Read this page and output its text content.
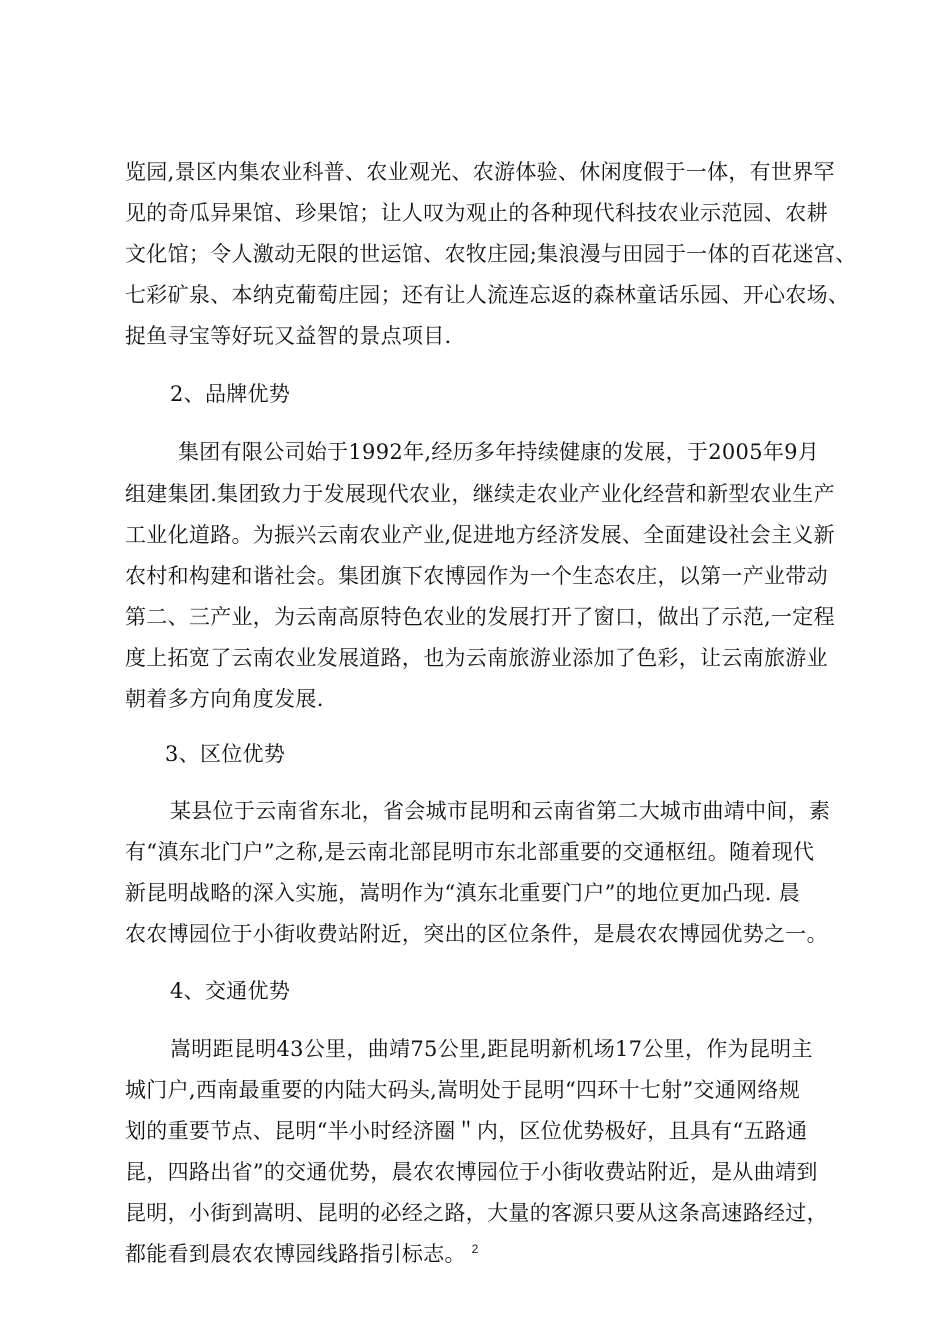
览园,景区内集农业科普、农业观光、农游体验、休闲度假于一体，有世界罕
见的奇瓜异果馆、珍果馆；让人叹为观止的各种现代科技农业示范园、农耕
文化馆；令人激动无限的世运馆、农牧庄园;集浪漫与田园于一体的百花迷宫、
七彩矿泉、本纳克葡萄庄园；还有让人流连忘返的森林童话乐园、开心农场、
捉鱼寻宝等好玩又益智的景点项目.
2、品牌优势
集团有限公司始于1992年,经历多年持续健康的发展，于2005年9月
组建集团.集团致力于发展现代农业，继续走农业产业化经营和新型农业生产
工业化道路。为振兴云南农业产业,促进地方经济发展、全面建设社会主义新
农村和构建和谐社会。集团旗下农博园作为一个生态农庄，以第一产业带动
第二、三产业，为云南高原特色农业的发展打开了窗口，做出了示范,一定程
度上拓宽了云南农业发展道路，也为云南旅游业添加了色彩，让云南旅游业
朝着多方向角度发展.
3、区位优势
某县位于云南省东北，省会城市昆明和云南省第二大城市曲靖中间，素
有“滇东北门户”之称,是云南北部昆明市东北部重要的交通枢纽。随着现代
新昆明战略的深入实施，嵩明作为“滇东北重要门户”的地位更加凸现. 晨
农农博园位于小街收费站附近，突出的区位条件，是晨农农博园优势之一。
4、交通优势
嵩明距昆明43公里，曲靖75公里,距昆明新机场17公里，作为昆明主
城门户,西南最重要的内陆大码头,嵩明处于昆明“四环十七射”交通网络规
划的重要节点、昆明“半小时经济圈＂内，区位优势极好，且具有“五路通
昆，四路出省”的交通优势，晨农农博园位于小街收费站附近，是从曲靖到
昆明，小街到嵩明、昆明的必经之路，大量的客源只要从这条高速路经过，
都能看到晨农农博园线路指引标志。 2
